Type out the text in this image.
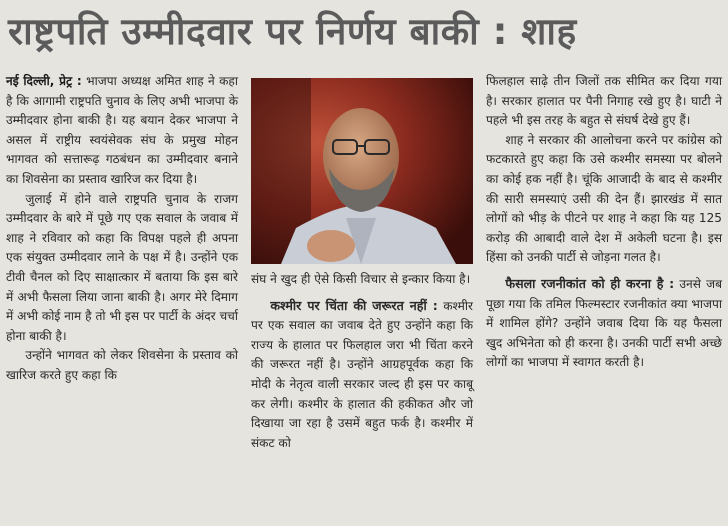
राष्ट्रपति उम्मीदवार पर निर्णय बाकी : शाह

नई दिल्ली, प्रेट्र : भाजपा अध्यक्ष अमित शाह ने कहा है कि आगामी राष्ट्रपति चुनाव के लिए अभी भाजपा के उम्मीदवार होना बाकी है। यह बयान देकर भाजपा ने असल में राष्ट्रीय स्वयंसेवक संघ के प्रमुख मोहन भागवत को सत्तारूढ़ गठबंधन का उम्मीदवार बनाने का शिवसेना का प्रस्ताव खारिज कर दिया है।

जुलाई में होने वाले राष्ट्रपति चुनाव के राजग उम्मीदवार के बारे में पूछे गए एक सवाल के जवाब में शाह ने रविवार को कहा कि विपक्ष पहले ही अपना एक संयुक्त उम्मीदवार लाने के पक्ष में है। उन्होंने एक टीवी चैनल को दिए साक्षात्कार में बताया कि इस बारे में अभी फैसला लिया जाना बाकी है। अगर मेरे दिमाग में अभी कोई नाम है तो भी इस पर पार्टी के अंदर चर्चा होना बाकी है।

उन्होंने भागवत को लेकर शिवसेना के प्रस्ताव को खारिज करते हुए कहा कि

संघ ने खुद ही ऐसे किसी विचार से इन्कार किया है।

कश्मीर पर चिंता की जरूरत नहीं : कश्मीर पर एक सवाल का जवाब देते हुए उन्होंने कहा कि राज्य के हालात पर फिलहाल जरा भी चिंता करने की जरूरत नहीं है। उन्होंने आग्रहपूर्वक कहा कि मोदी के नेतृत्व वाली सरकार जल्द ही इस पर काबू कर लेगी। कश्मीर के हालात की हकीकत और जो दिखाया जा रहा है उसमें बहुत फर्क है। कश्मीर में संकट को

फिलहाल साढ़े तीन जिलों तक सीमित कर दिया गया है। सरकार हालात पर पैनी निगाह रखे हुए है। घाटी ने पहले भी इस तरह के बहुत से संघर्ष देखे हुए हैं।

शाह ने सरकार की आलोचना करने पर कांग्रेस को फटकारते हुए कहा कि उसे कश्मीर समस्या पर बोलने का कोई हक नहीं है। चूंकि आजादी के बाद से कश्मीर की सारी समस्याएं उसी की देन हैं। झारखंड में सात लोगों को भीड़ के पीटने पर शाह ने कहा कि यह 125 करोड़ की आबादी वाले देश में अकेली घटना है। इस हिंसा को उनकी पार्टी से जोड़ना गलत है।

फैसला रजनीकांत को ही करना है : उनसे जब पूछा गया कि तमिल फिल्मस्टार रजनीकांत क्या भाजपा में शामिल होंगे? उन्होंने जवाब दिया कि यह फैसला खुद अभिनेता को ही करना है। उनकी पार्टी सभी अच्छे लोगों का भाजपा में स्वागत करती है।
